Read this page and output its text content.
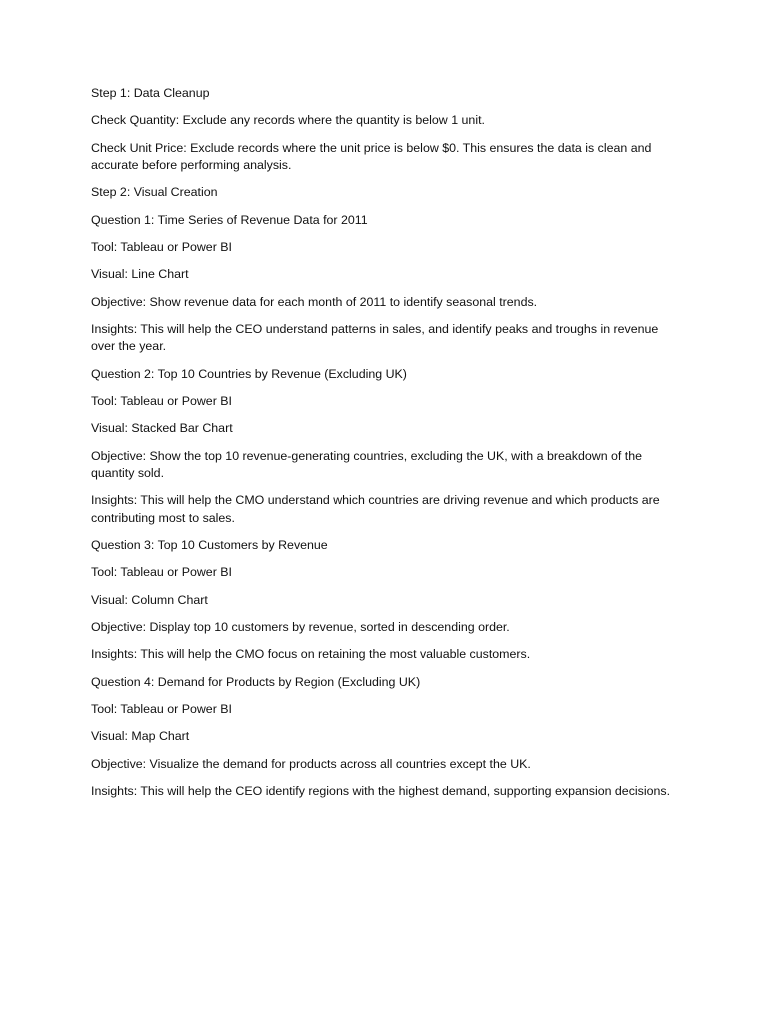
Step 1: Data Cleanup

Check Quantity: Exclude any records where the quantity is below 1 unit.

Check Unit Price: Exclude records where the unit price is below $0. This ensures the data is clean and accurate before performing analysis.

Step 2: Visual Creation

Question 1: Time Series of Revenue Data for 2011

Tool: Tableau or Power BI

Visual: Line Chart

Objective: Show revenue data for each month of 2011 to identify seasonal trends.

Insights: This will help the CEO understand patterns in sales, and identify peaks and troughs in revenue over the year.

Question 2: Top 10 Countries by Revenue (Excluding UK)

Tool: Tableau or Power BI

Visual: Stacked Bar Chart

Objective: Show the top 10 revenue-generating countries, excluding the UK, with a breakdown of the quantity sold.

Insights: This will help the CMO understand which countries are driving revenue and which products are contributing most to sales.

Question 3: Top 10 Customers by Revenue

Tool: Tableau or Power BI

Visual: Column Chart

Objective: Display top 10 customers by revenue, sorted in descending order.

Insights: This will help the CMO focus on retaining the most valuable customers.

Question 4: Demand for Products by Region (Excluding UK)

Tool: Tableau or Power BI

Visual: Map Chart

Objective: Visualize the demand for products across all countries except the UK.

Insights: This will help the CEO identify regions with the highest demand, supporting expansion decisions.
